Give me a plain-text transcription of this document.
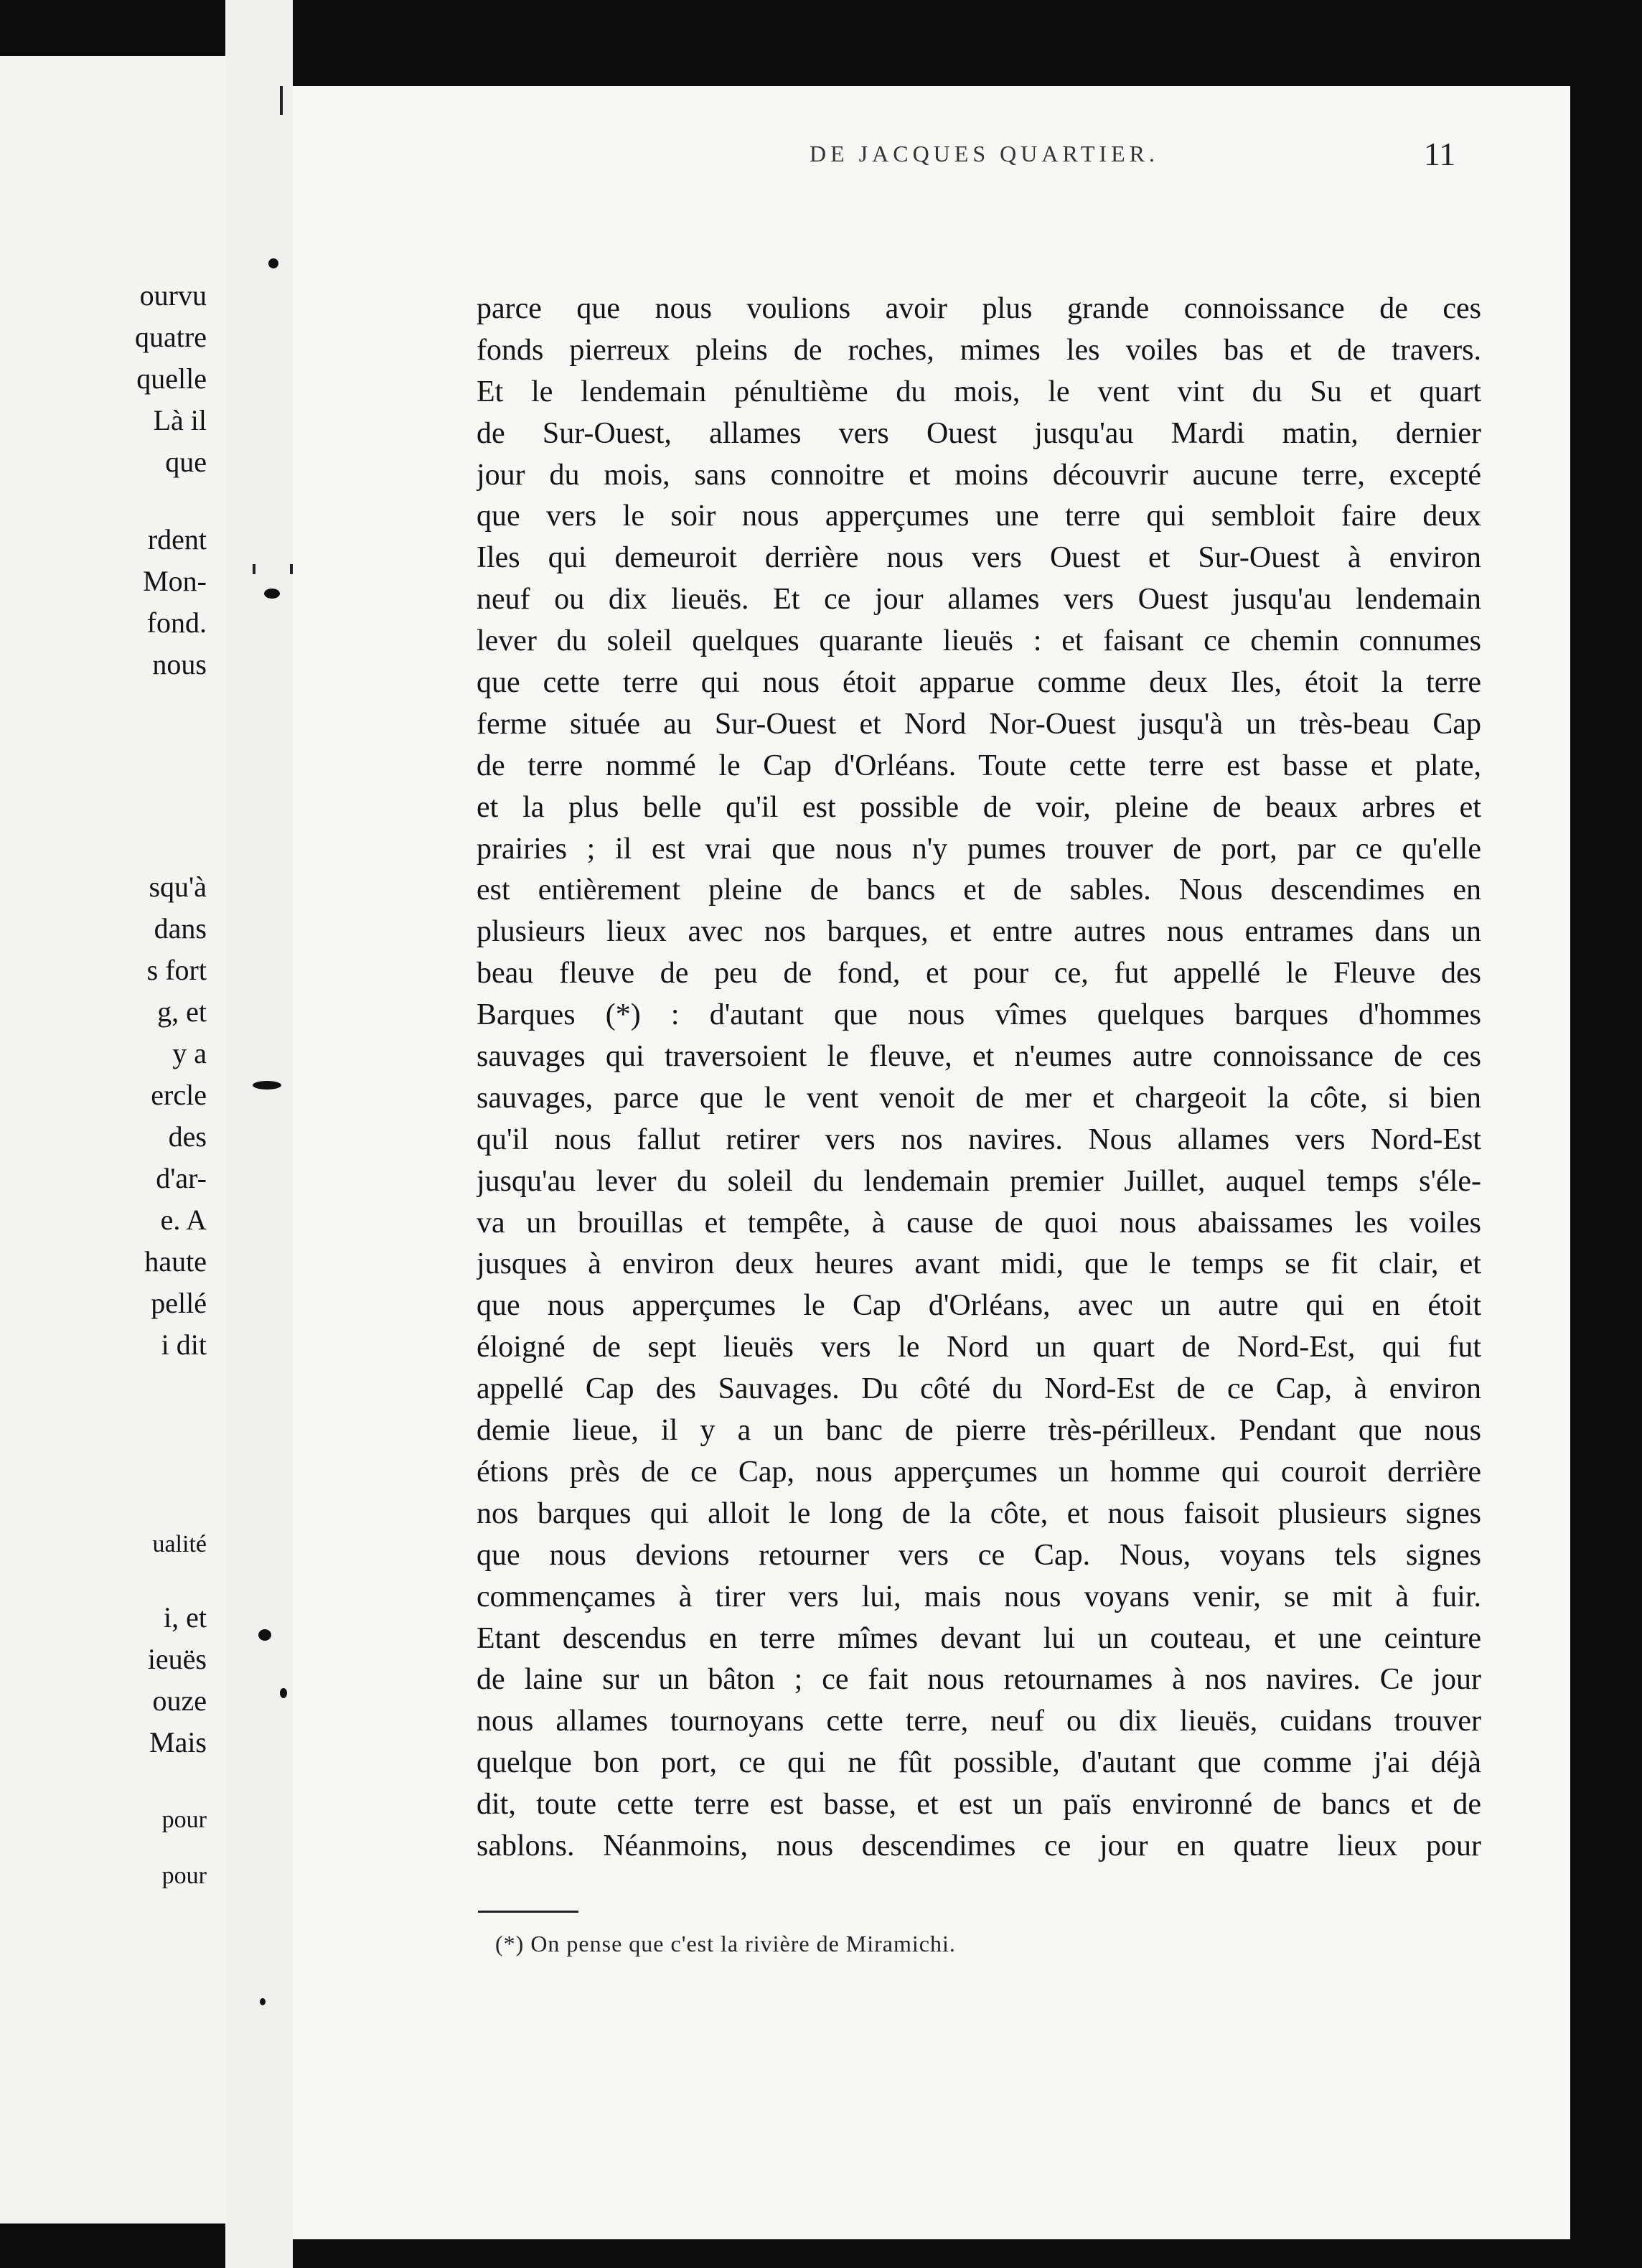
ourvu
quatre
quelle
Là il
que
rdent
Mon-
fond.
nous
squ'à
dans
s fort
g, et
y a
ercle
des
d'ar-
e. A
haute
pellé
i dit
ualité
i, et
ieuës
ouze
Mais
pour
pour
DE JACQUES QUARTIER.	11
parce que nous voulions avoir plus grande connoissance de ces
fonds pierreux pleins de roches, mimes les voiles bas et de travers.
Et le lendemain pénultième du mois, le vent vint du Su et quart
de Sur-Ouest, allames vers Ouest jusqu'au Mardi matin, dernier
jour du mois, sans connoitre et moins découvrir aucune terre, excepté
que vers le soir nous apperçumes une terre qui sembloit faire deux
Iles qui demeuroit derrière nous vers Ouest et Sur-Ouest à environ
neuf ou dix lieuës. Et ce jour allames vers Ouest jusqu'au lendemain
lever du soleil quelques quarante lieuës : et faisant ce chemin connumes
que cette terre qui nous étoit apparue comme deux Iles, étoit la terre
ferme située au Sur-Ouest et Nord Nor-Ouest jusqu'à un très-beau Cap
de terre nommé le Cap d'Orléans. Toute cette terre est basse et plate,
et la plus belle qu'il est possible de voir, pleine de beaux arbres et
prairies ; il est vrai que nous n'y pumes trouver de port, par ce qu'elle
est entièrement pleine de bancs et de sables. Nous descendimes en
plusieurs lieux avec nos barques, et entre autres nous entrames dans un
beau fleuve de peu de fond, et pour ce, fut appellé le Fleuve des
Barques (*) : d'autant que nous vîmes quelques barques d'hommes
sauvages qui traversoient le fleuve, et n'eumes autre connoissance de ces
sauvages, parce que le vent venoit de mer et chargeoit la côte, si bien
qu'il nous fallut retirer vers nos navires. Nous allames vers Nord-Est
jusqu'au lever du soleil du lendemain premier Juillet, auquel temps s'éle-
va un brouillas et tempête, à cause de quoi nous abaissames les voiles
jusques à environ deux heures avant midi, que le temps se fit clair, et
que nous apperçumes le Cap d'Orléans, avec un autre qui en étoit
éloigné de sept lieuës vers le Nord un quart de Nord-Est, qui fut
appellé Cap des Sauvages. Du côté du Nord-Est de ce Cap, à environ
demie lieue, il y a un banc de pierre très-périlleux. Pendant que nous
étions près de ce Cap, nous apperçumes un homme qui couroit derrière
nos barques qui alloit le long de la côte, et nous faisoit plusieurs signes
que nous devions retourner vers ce Cap. Nous, voyans tels signes
commençames à tirer vers lui, mais nous voyans venir, se mit à fuir.
Etant descendus en terre mîmes devant lui un couteau, et une ceinture
de laine sur un bâton ; ce fait nous retournames à nos navires. Ce jour
nous allames tournoyans cette terre, neuf ou dix lieuës, cuidans trouver
quelque bon port, ce qui ne fût possible, d'autant que comme j'ai déjà
dit, toute cette terre est basse, et est un païs environné de bancs et de
sablons. Néanmoins, nous descendimes ce jour en quatre lieux pour
(*) On pense que c'est la rivière de Miramichi.
